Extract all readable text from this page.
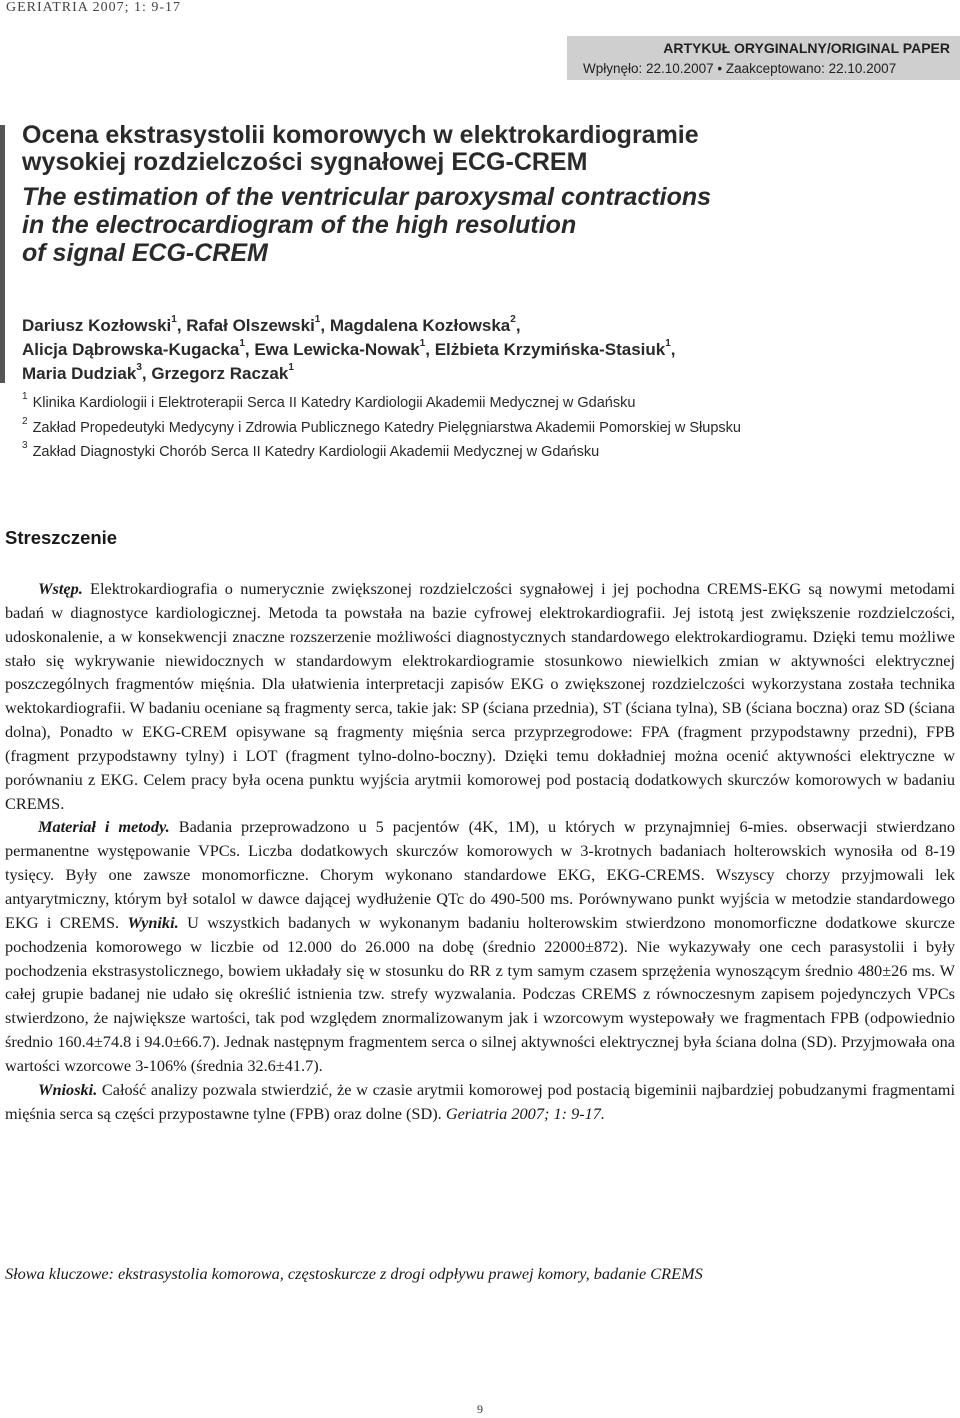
GERIATRIA 2007; 1: 9-17
ARTYKUŁ ORYGINALNY/ORIGINAL PAPER
Wpłynęło: 22.10.2007 • Zaakceptowano: 22.10.2007
Ocena ekstrasystolii komorowych w elektrokardiogramie
wysokiej rozdzielczości sygnałowej ECG-CREM
The estimation of the ventricular paroxysmal contractions
in the electrocardiogram of the high resolution
of signal ECG-CREM
Dariusz Kozłowski$^1$, Rafał Olszewski$^1$, Magdalena Kozłowska$^2$,
Alicja Dąbrowska-Kugacka$^1$, Ewa Lewicka-Nowak$^1$, Elżbieta Krzymińska-Stasiuk$^1$,
Maria Dudziak$^3$, Grzegorz Raczak$^1$
$^1$ Klinika Kardiologii i Elektroterapii Serca II Katedry Kardiologii Akademii Medycznej w Gdańsku
$^2$ Zakład Propedeutyki Medycyny i Zdrowia Publicznego Katedry Pielęgniarstwa Akademii Pomorskiej w Słupsku
$^3$ Zakład Diagnostyki Chorób Serca II Katedry Kardiologii Akademii Medycznej w Gdańsku
Streszczenie

Wstęp. Elektrokardiografia o numerycznie zwiększonej rozdzielczości sygnałowej i jej pochodna CREMS-EKG są nowymi metodami badań w diagnostyce kardiologicznej. Metoda ta powstała na bazie cyfrowej elektrokardiografii. Jej istotą jest zwiększenie rozdzielczości, udoskonalenie, a w konsekwencji znaczne rozszerzenie możliwości diagnostycznych standardowego elektrokardiogramu. Dzięki temu możliwe stało się wykrywanie niewidocznych w standardowym elektrokardiogramie stosunkowo niewielkich zmian w aktywności elektrycznej poszczególnych fragmentów mięśnia. Dla ułatwienia interpretacji zapisów EKG o zwiększonej rozdzielczości wykorzystana została technika wektokardiografii. W badaniu oceniane są fragmenty serca, takie jak: SP (ściana przednia), ST (ściana tylna), SB (ściana boczna) oraz SD (ściana dolna), Ponadto w EKG-CREM opisywane są fragmenty mięśnia serca przyprzegrodowe: FPA (fragment przypodstawny przedni), FPB (fragment przypodstawny tylny) i LOT (fragment tylno-dolno-boczny). Dzięki temu dokładniej można ocenić aktywności elektryczne w porównaniu z EKG. Celem pracy była ocena punktu wyjścia arytmii komorowej pod postacią dodatkowych skurczów komorowych w badaniu CREMS.

Materiał i metody. Badania przeprowadzono u 5 pacjentów (4K, 1M), u których w przynajmniej 6-mies. obserwacji stwierdzano permanentne występowanie VPCs. Liczba dodatkowych skurczów komorowych w 3-krotnych badaniach holterowskich wynosiła od 8-19 tysięcy. Były one zawsze monomorficzne. Chorym wykonano standardowe EKG, EKG-CREMS. Wszyscy chorzy przyjmowali lek antyarytmiczny, którym był sotalol w dawce dającej wydłużenie QTc do 490-500 ms. Porównywano punkt wyjścia w metodzie standardowego EKG i CREMS. Wyniki. U wszystkich badanych w wykonanym badaniu holterowskim stwierdzono monomorficzne dodatkowe skurcze pochodzenia komorowego w liczbie od 12.000 do 26.000 na dobę (średnio 22000±872). Nie wykazywały one cech parasystolii i były pochodzenia ekstrasystolicznego, bowiem układały się w stosunku do RR z tym samym czasem sprzężenia wynoszącym średnio 480±26 ms. W całej grupie badanej nie udało się określić istnienia tzw. strefy wyzwalania. Podczas CREMS z równoczesnym zapisem pojedynczych VPCs stwierdzono, że największe wartości, tak pod względem znormalizowanym jak i wzorcowym wystepowały we fragmentach FPB (odpowiednio średnio 160.4±74.8 i 94.0±66.7). Jednak następnym fragmentem serca o silnej aktywności elektrycznej była ściana dolna (SD). Przyjmowała ona wartości wzorcowe 3-106% (średnia 32.6±41.7).

Wnioski. Całość analizy pozwala stwierdzić, że w czasie arytmii komorowej pod postacią bigeminii najbardziej pobudzanymi fragmentami mięśnia serca są części przypostawne tylne (FPB) oraz dolne (SD). Geriatria 2007; 1: 9-17.

Słowa kluczowe: ekstrasystolia komorowa, częstoskurcze z drogi odpływu prawej komory, badanie CREMS
9
